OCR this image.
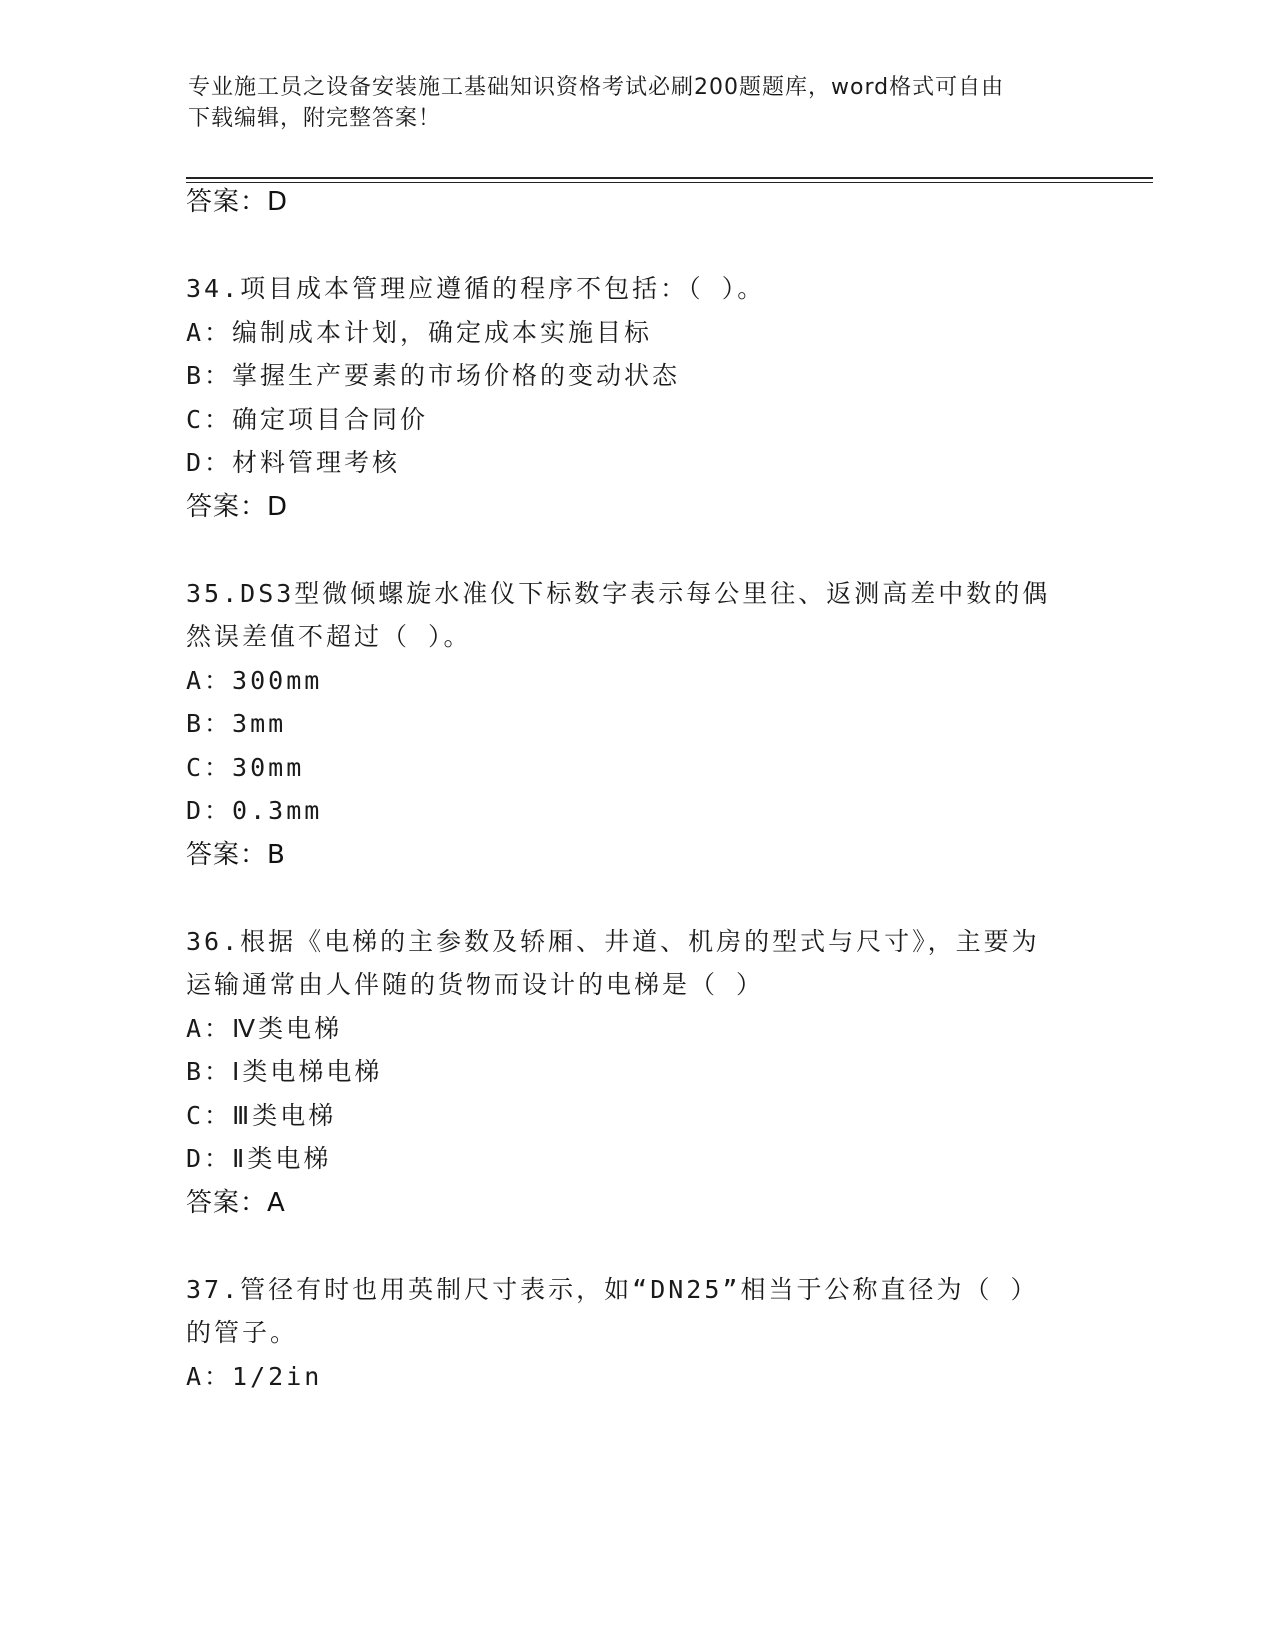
专业施工员之设备安装施工基础知识资格考试必刷200题题库，word格式可自由
下载编辑，附完整答案！
答案：D
34.项目成本管理应遵循的程序不包括：（ ）。
A：编制成本计划，确定成本实施目标
B：掌握生产要素的市场价格的变动状态
C：确定项目合同价
D：材料管理考核
答案：D
35.DS3型微倾螺旋水准仪下标数字表示每公里往、返测高差中数的偶
然误差值不超过（ ）。
A：300mm
B：3mm
C：30mm
D：0.3mm
答案：B
36.根据《电梯的主参数及轿厢、井道、机房的型式与尺寸》，主要为
运输通常由人伴随的货物而设计的电梯是（ ）
A：Ⅳ类电梯
B：Ⅰ类电梯电梯
C：Ⅲ类电梯
D：Ⅱ类电梯
答案：A
37.管径有时也用英制尺寸表示，如“DN25”相当于公称直径为（ ）
的管子。
A：1/2in
